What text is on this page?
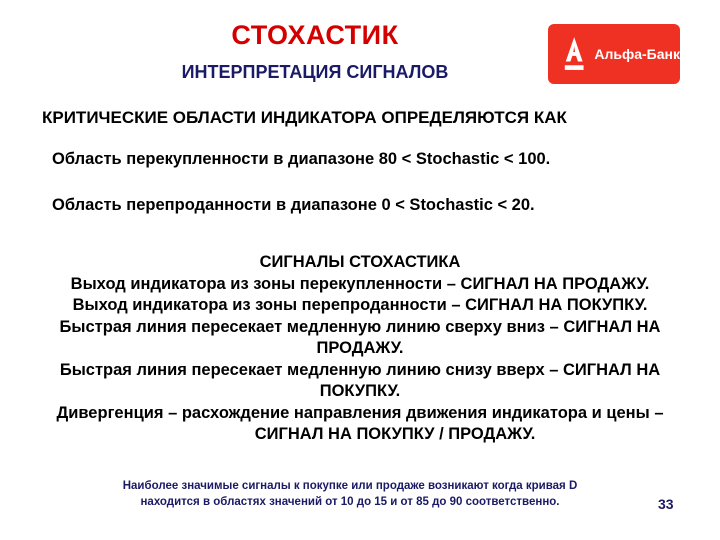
СТОХАСТИК
ИНТЕРПРЕТАЦИЯ СИГНАЛОВ
Альфа-Банк
КРИТИЧЕСКИЕ ОБЛАСТИ ИНДИКАТОРА ОПРЕДЕЛЯЮТСЯ КАК
Область перекупленности в диапазоне 80 < Stochastic < 100.
Область перепроданности в диапазоне 0 < Stochastic < 20.
СИГНАЛЫ СТОХАСТИКА
Выход индикатора из зоны перекупленности – СИГНАЛ НА ПРОДАЖУ.
Выход индикатора из зоны перепроданности – СИГНАЛ НА ПОКУПКУ.
Быстрая линия пересекает медленную линию сверху вниз – СИГНАЛ НА
ПРОДАЖУ.
Быстрая линия пересекает медленную линию снизу вверх – СИГНАЛ НА
ПОКУПКУ.
Дивергенция – расхождение направления движения индикатора и цены –
СИГНАЛ НА ПОКУПКУ / ПРОДАЖУ.
Наиболее значимые сигналы к покупке или продаже возникают когда кривая D
находится в областях значений от 10 до 15 и от 85 до 90 соответственно.	33
